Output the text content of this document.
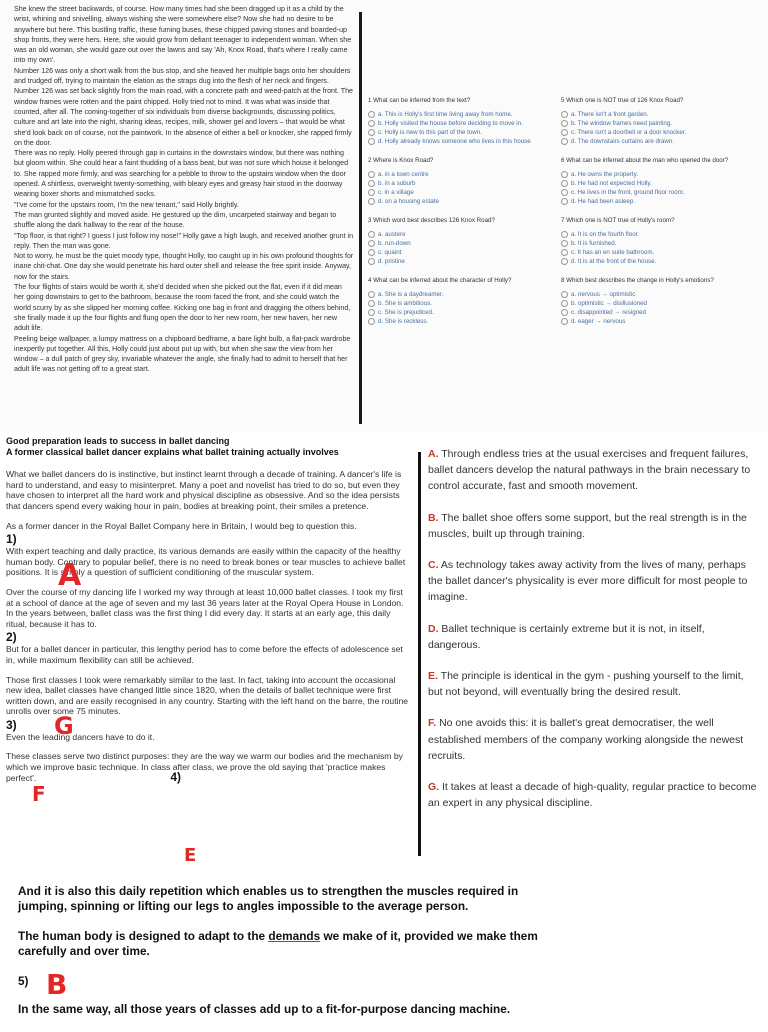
She knew the street backwards, of course. How many times had she been dragged up it as a child by the wrist, whining and snivelling, always wishing she were somewhere else? Now she had no desire to be anywhere but here. This bustling traffic, these fuming buses, these chipped paving stones and boarded-up shop fronts, they were hers. Here, she would grow from defiant teenager to independent woman. When she was an old woman, she would gaze out over the lawns and say 'Ah, Knox Road, that's where I really came into my own'.

Number 126 was only a short walk from the bus stop, and she heaved her multiple bags onto her shoulders and trudged off, trying to maintain the elation as the straps dug into the flesh of her neck and fingers. Number 126 was set back slightly from the main road, with a concrete path and weed-patch at the front. The window frames were rotten and the paint chipped. Holly tried not to mind. It was what was inside that counted, after all. The coming-together of six individuals from diverse backgrounds, discussing politics, culture and art late into the night, sharing ideas, recipes, milk, shower gel and lovers – that would be what she'd look back on of course, not the paintwork. In the absence of either a bell or knocker, she rapped firmly on the door.

There was no reply. Holly peered through gap in curtains in the downstairs window, but there was nothing but gloom within. She could hear a faint thudding of a bass beat, but was not sure which house it belonged to. She rapped more firmly, and was searching for a pebble to throw to the upstairs window when the door opened. A shirtless, overweight twenty-something, with bleary eyes and greasy hair stood in the doorway wearing boxer shorts and mismatched socks.

"I've come for the upstairs room, I'm the new tenant," said Holly brightly.

The man grunted slightly and moved aside. He gestured up the dim, uncarpeted stairway and began to shuffle along the dark hallway to the rear of the house.

"Top floor, is that right? I guess I just follow my nose!" Holly gave a high laugh, and received another grunt in reply. Then the man was gone.

Not to worry, he must be the quiet moody type, thought Holly, too caught up in his own profound thoughts for inane chit-chat. One day she would penetrate his hard outer shell and release the free spirit inside. Anyway, now for the stairs.

The four flights of stairs would be worth it, she'd decided when she picked out the flat, even if it did mean her going downstairs to get to the bathroom, because the room faced the front, and she could watch the world scurry by as she slipped her morning coffee. Kicking one bag in front and dragging the others behind, she finally made it up the four flights and flung open the door to her new room, her new haven, her new adult life.

Peeling beige wallpaper, a lumpy mattress on a chipboard bedframe, a bare light bulb, a flat-pack wardrobe inexpertly put together. All this, Holly could just about put up with, but when she saw the view from her window – a dull patch of grey sky, invariable whatever the angle, she finally had to admit to herself that her adult life was not getting off to a great start.

1 What can be inferred from the text?
a. This is Holly's first time living away from home.
b. Holly visited the house before deciding to move in.
c. Holly is new to this part of the town.
d. Holly already knows someone who lives in this house
2 Where is Knox Road?
a. in a town centre
b. in a suburb
c. in a village
d. on a housing estate
3 Which word best describes 126 Knox Road?
a. austere
b. run-down
c. quaint
d. pristine
4 What can be inferred about the character of Holly?
a. She is a daydreamer.
b. She is ambitious.
c. She is prejudiced.
d. She is reckless.
5 Which one is NOT true of 126 Knox Road?
a. There isn't a front garden.
b. The window frames need painting.
c. There isn't a doorbell or a door knocker.
d. The downstairs curtains are drawn.
6 What can be inferred about the man who opened the door?
a. He owns the property.
b. He had not expected Holly.
c. He lives in the front, ground floor room.
d. He had been asleep.
7 Which one is NOT true of Holly's room?
a. It is on the fourth floor.
b. It is furnished.
c. It has an en suite bathroom.
d. It is at the front of the house.
8 Which best describes the change in Holly's emotions?
a. nervous → optimistic
b. optimistic → disillusioned
c. disappointed → resigned
d. eager → nervous
Good preparation leads to success in ballet dancing
A former classical ballet dancer explains what ballet training actually involves

What we ballet dancers do is instinctive, but instinct learnt through a decade of training. A dancer's life is hard to understand, and easy to misinterpret. Many a poet and novelist has tried to do so, but even they have chosen to interpret all the hard work and physical discipline as obsessive. And so the idea persists that dancers spend every waking hour in pain, bodies at breaking point, their smiles a pretence.

As a former dancer in the Royal Ballet Company here in Britain, I would beg to question this.

1)

With expert teaching and daily practice, its various demands are easily within the capacity of the healthy human body. Contrary to popular belief, there is no need to break bones or tear muscles to achieve ballet positions. It is simply a question of sufficient conditioning of the muscular system.

Over the course of my dancing life I worked my way through at least 10,000 ballet classes. I took my first at a school of dance at the age of seven and my last 36 years later at the Royal Opera House in London. In the years between, ballet class was the first thing I did every day. It starts at an early age, this daily ritual, because it has to.

2)

But for a ballet dancer in particular, this lengthy period has to come before the effects of adolescence set in, while maximum flexibility can still be achieved.

Those first classes I took were remarkably similar to the last. In fact, taking into account the occasional new idea, ballet classes have changed little since 1820, when the details of ballet technique were first written down, and are easily recognised in any country. Starting with the left hand on the barre, the routine unrolls over some 75 minutes.

3)

Even the leading dancers have to do it.

These classes serve two distinct purposes: they are the way we warm our bodies and the mechanism by which we improve basic technique. In class after class, we prove the old saying that 'practice makes perfect'.	4)

A. Through endless tries at the usual exercises and frequent failures, ballet dancers develop the natural pathways in the brain necessary to control accurate, fast and smooth movement.

B. The ballet shoe offers some support, but the real strength is in the muscles, built up through training.

C. As technology takes away activity from the lives of many, perhaps the ballet dancer's physicality is ever more difficult for most people to imagine.

D. Ballet technique is certainly extreme but it is not, in itself, dangerous.

E. The principle is identical in the gym - pushing yourself to the limit, but not beyond, will eventually bring the desired result.

F. No one avoids this: it is ballet's great democratiser, the well established members of the company working alongside the newest recruits.

G. It takes at least a decade of high-quality, regular practice to become an expert in any physical discipline.

A
G
F
E

And it is also this daily repetition which enables us to strengthen the muscles required in jumping, spinning or lifting our legs to angles impossible to the average person.

The human body is designed to adapt to the demands we make of it, provided we make them carefully and over time.

5)

In the same way, all those years of classes add up to a fit-for-purpose dancing machine.

B
